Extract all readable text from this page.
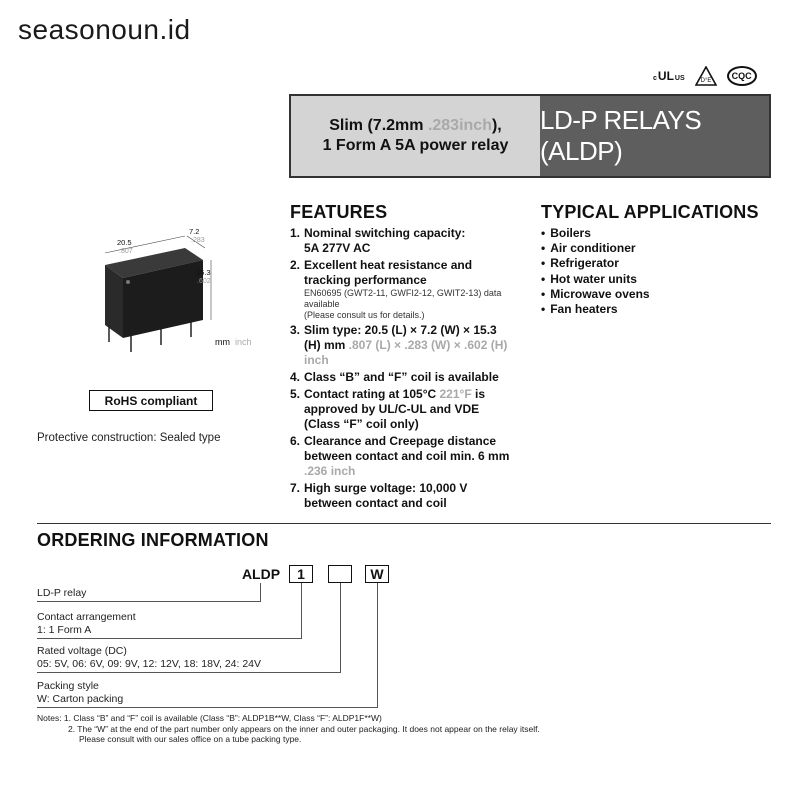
seasonoun.id
c UL US	D°E	CQC
Slim (7.2mm .283inch),
1 Form A 5A power relay
LD-P RELAYS (ALDP)
20.5
.807
7.2
.283
15.3
.602
mm inch
RoHS compliant
Protective construction: Sealed type
FEATURES
1. Nominal switching capacity:
5A 277V AC
2. Excellent heat resistance and
tracking performance
EN60695 (GWT2-11, GWFI2-12, GWIT2-13) data
available
(Please consult us for details.)
3. Slim type: 20.5 (L) × 7.2 (W) × 15.3
(H) mm .807 (L) × .283 (W) × .602 (H)
inch
4. Class “B” and “F” coil is available
5. Contact rating at 105°C 221°F is
approved by UL/C-UL and VDE
(Class “F” coil only)
6. Clearance and Creepage distance
between contact and coil min. 6 mm
.236 inch
7. High surge voltage: 10,000 V
between contact and coil
TYPICAL APPLICATIONS
• Boilers
• Air conditioner
• Refrigerator
• Hot water units
• Microwave ovens
• Fan heaters
ORDERING INFORMATION
ALDP	1	W
LD-P relay
Contact arrangement
1: 1 Form A
Rated voltage (DC)
05: 5V, 06: 6V, 09: 9V, 12: 12V, 18: 18V, 24: 24V
Packing style
W: Carton packing
Notes: 1. Class “B” and “F” coil is available (Class “B”: ALDP1B**W, Class “F”: ALDP1F**W)
2. The “W” at the end of the part number only appears on the inner and outer packaging. It does not appear on the relay itself.
Please consult with our sales office on a tube packing type.
